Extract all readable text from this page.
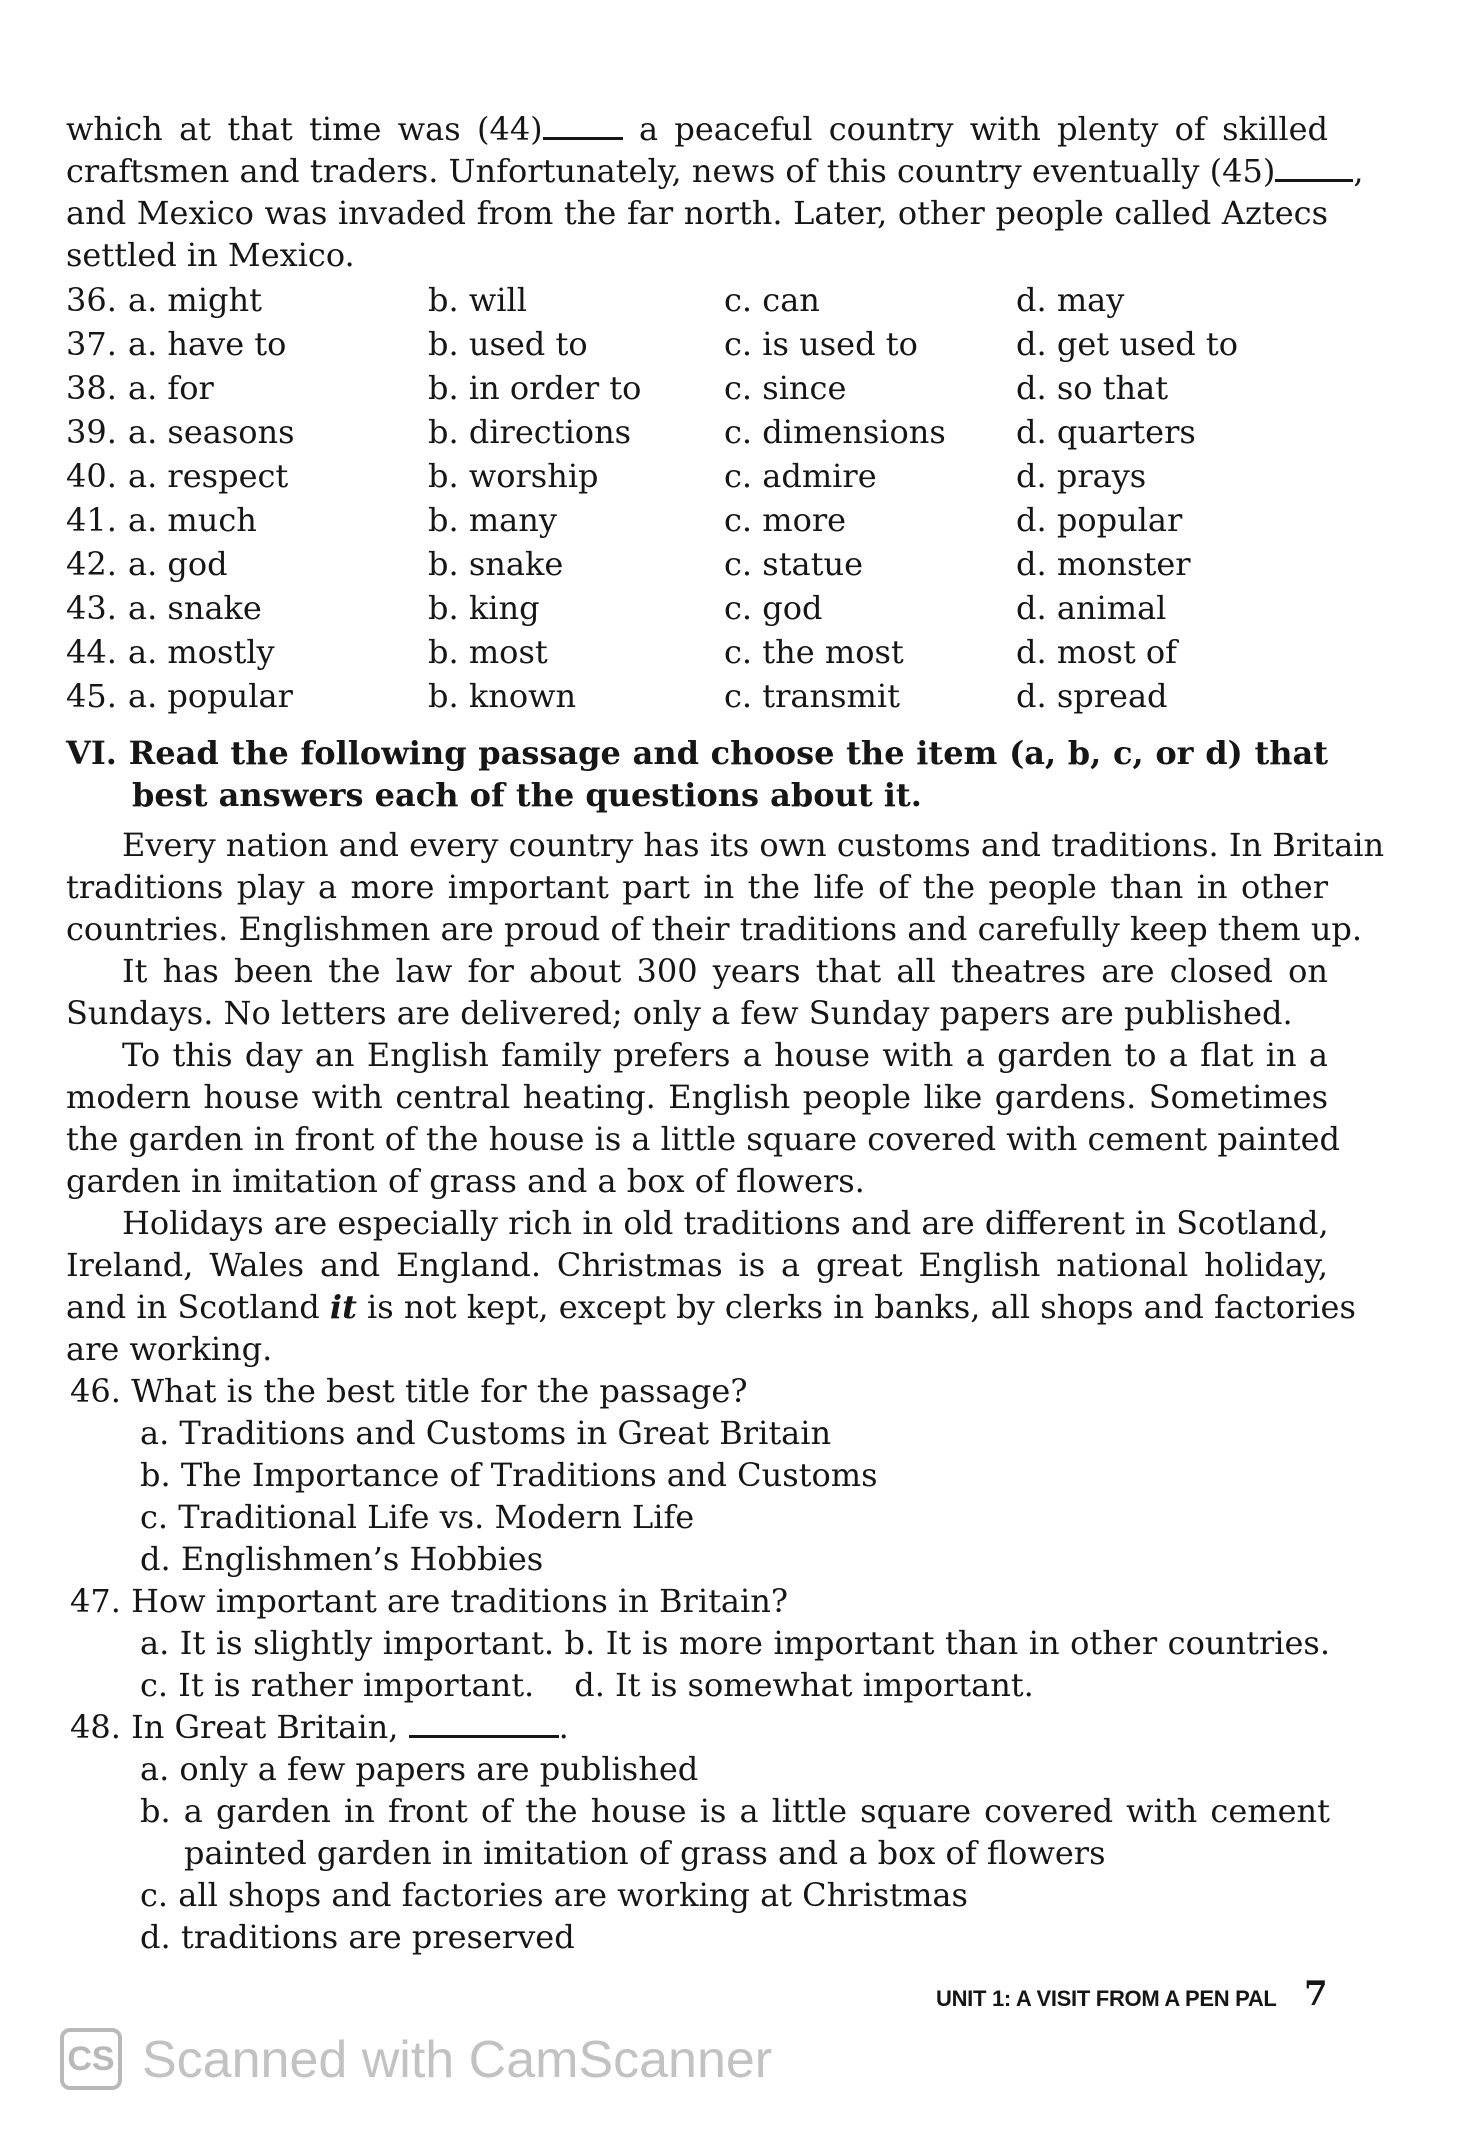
which at that time was (44)	a peaceful country with plenty of skilled
craftsmen and traders. Unfortunately, news of this country eventually (45) ,
and Mexico was invaded from the far north. Later, other people called Aztecs
settled in Mexico.
36. a. might	b. will	c. can	d. may
37. a. have to	b. used to	c. is used to	d. get used to
38. a. for	b. in order to	c. since	d. so that
39. a. seasons	b. directions	c. dimensions d. quarters
40. a. respect	b. worship	c. admire	d. prays
41. a. much	b. many	c. more	d. popular
42. a. god	b. snake	c. statue	d. monster
43. a. snake	b. king	c. god	d. animal
44. a. mostly	b. most	c. the most	d. most of
45. a. popular	b. known	c. transmit	d. spread
VI. Read the following passage and choose the item (a, b, c, or d) that
best answers each of the questions about it.
Every nation and every country has its own customs and traditions. In Britain
traditions play a more important part in the life of the people than in other
countries. Englishmen are proud of their traditions and carefully keep them up.
It has been the law for about 300 years that all theatres are closed on
Sundays. No letters are delivered; only a few Sunday papers are published.
To this day an English family prefers a house with a garden to a flat in a
modern house with central heating. English people like gardens. Sometimes
the garden in front of the house is a little square covered with cement painted
garden in imitation of grass and a box of flowers.
Holidays are especially rich in old traditions and are different in Scotland,
Ireland, Wales and England. Christmas is a great English national holiday,
and in Scotland it is not kept, except by clerks in banks, all shops and factories
are working.
46. What is the best title for the passage?
a. Traditions and Customs in Great Britain
b. The Importance of Traditions and Customs
c. Traditional Life vs. Modern Life
d. Englishmen’s Hobbies
47. How important are traditions in Britain?
a. It is slightly important. b. It is more important than in other countries.
c. It is rather important. d. It is somewhat important.
48. In Great Britain,	.
a. only a few papers are published
b. a garden in front of the house is a little square covered with cement
painted garden in imitation of grass and a box of flowers
c. all shops and factories are working at Christmas
d. traditions are preserved
UNIT 1: A VISIT FROM A PEN PAL 7
CS Scanned with CamScanner
